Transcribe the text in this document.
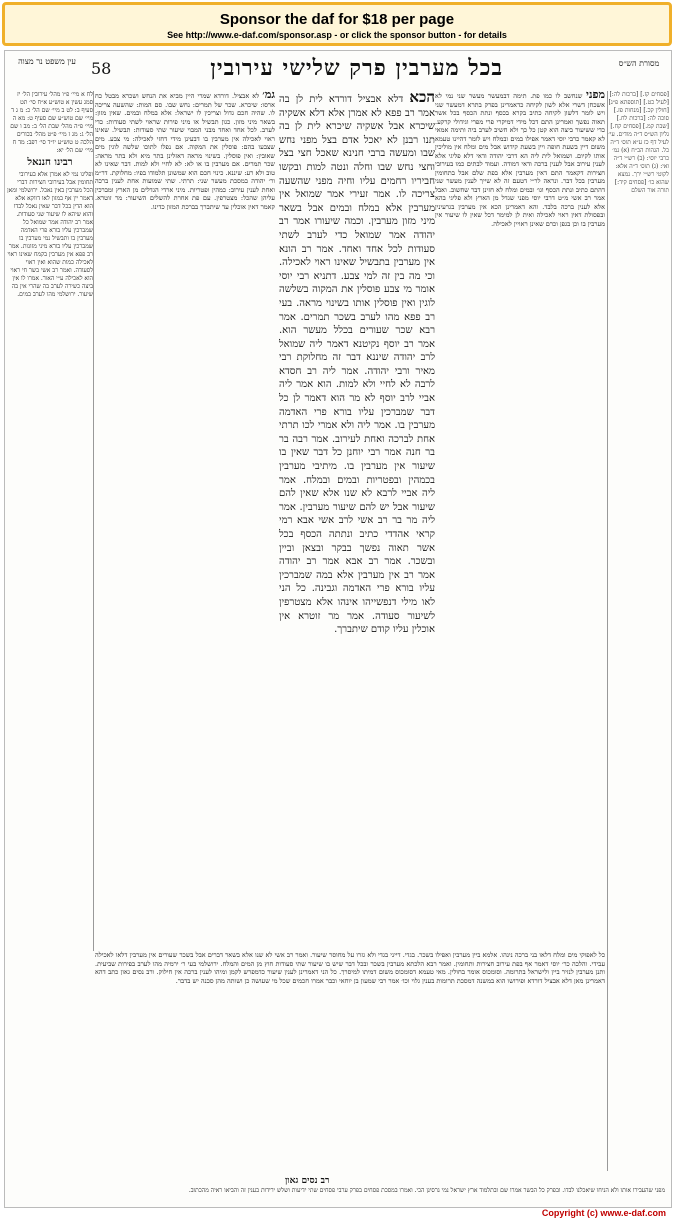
Sponsor the daf for $18 per page
See http://www.e-daf.com/sponsor.asp - or click the sponsor button - for details
מסורת הש״ס
בכל מערבין פרק שלישי עירובין
58
עין משפט נר מצוה
[פסחים קז.] [ברכות לה:] [לעיל כט.] [תוספתא פ״ג] [חולין קכ.] [מנחות פז.] סוכה לה: [ברכות לח.] [שבת קמ.] [פסחים קח.] גליון הש״ס ד״ה מודים. עי׳ לעיל דף כז ע״א תוס׳ ד״ה כל. הגהות הב״ח (א) גמ׳ כרבי יוסי: (ב) רש״י ד״ה ואי: (ג) תוס׳ ד״ה אלא: לקוטי רש״י ירך. נמצא שהוא כו׳ [פסחים קיד:] תורה אור השלם
מפני שנחשב לו כמו פת. תימה דבמעשר מעשר שני נמי לא אשכחן דשרי אלא לשון לקיחה כדאמרינן בפרק בתרא דמעשר שני ויש לומר דלשון לקיחה כתיב בקרא בכסף ונתת הכסף בכל אשר תאוה נפשך ואמרינן התם דכל מידי דמיקרי פרי מפרי וגידולי קרקע. כדי ששיעור ביצה הוא קטן כל כך ולא חשיב לערב ביה ותימה אמאי לא קאמר כרבי יוסי דאמר אפילו במים ובמלח ויש לומר דהיינו טעמא משום דיין בשעת חופה ויין בשעת קידוש אבל מים ומלח אין מוליכין אותו לקיום. ושמואל לית ליה הא דרבי יהודה ודאי דלא פליגי אלא לענין עירוב אבל לענין ברכה ודאי דמודה. ועמוד לבתים כמו בעירובי חצירות דקאמר התם דאין מערבין אלא בפת שלם אבל בתחומין מערבין בכל דבר. ונראה לר״י דטעם זה לא שייך לענין מעשר שני דהתם כתיב ונתת הכסף וגו׳ ובמים ומלח לא חזינן דבר שחשוב. ואבל אמר רב אשי מ״ט דרבי יוסי מפני שגדל מן הארץ ולא פליגי בהא אלא לענין ברכה בלבד. והא דאמרינן הכא אין מערבין בגרעינין ובפסולת דאין ראוי לאכילה ואית לן למימר דכל שאין לו שיעור אין מערבין בו וכן בגפן וכרם שאינן ראויין לאכילה.
הכא דלא אבציל דורדא לית לן בה אמר רב פפא לא אמרן אלא דלא אשקיה שיכרא אבל אשקיה שיכרא לית לן בה תנו רבנן לא יאכל אדם בצל מפני נחש שבו ומעשה ברבי חנינא שאכל חצי בצל וחצי נחש שבו וחלה ונטה למות ובקשו חביריו רחמים עליו וחיה מפני שהשעה צריכה לו. אמר זעירי אמר שמואל אין מערבין אלא במלח ובמים אבל בשאר מיני מזון מערבין. וכמה שיעורו אמר רב יהודה אמר שמואל כדי לערב לשתי סעודות לכל אחד ואחד. אמר רב הונא אין מערבין בתבשיל שאינו ראוי לאכילה. וכי מה בין זה למי צבע. דתניא רבי יוסי אומר מי צבע פוסלין את המקוה בשלשה לוגין ואין פוסלין אותו בשינוי מראה. בעי רב פפא מהו לערב בשכר תמרים. אמר רבא שכר שעורים בכלל מעשר הוא. אמר רב יוסף נקיטנא דאמר ליה שמואל לרב יהודה שיננא דבר זה מחלוקת רבי מאיר ורבי יהודה. אמר ליה רב חסדא לרבה לא לחיי ולא למות. הוא אמר ליה אביי לרב יוסף לא מר הוא דאמר לן כל דבר שמברכין עליו בורא פרי האדמה מערבין בו. אמר ליה ולא אמרי לכו תרתי אחת לברכה ואחת לעירוב. אמר רבה בר בר חנה אמר רבי יוחנן כל דבר שאין בו שיעור אין מערבין בו. מיתיבי מערבין בכמהין ובפטריות ובמים ובמלח. אמר ליה אביי לרבא לא שנו אלא שאין להם שיעור אבל יש להם שיעור מערבין. אמר ליה מר בר רב אשי לרב אשי אבא רמי קראי אהדדי כתיב ונתתה הכסף בכל אשר תאוה נפשך בבקר ובצאן וביין ובשכר. אמר רב אבא אמר רב יהודה אמר רב אין מערבין אלא במה שמברכין עליו בורא פרי האדמה וגבינה. כל הני לאו מילי דנפשייהו אינהו אלא מצטרפין לשיעור סעודה. אמר מר זוטרא אין אוכלין עליו קודם שיתברך.
גמ׳ לא אבציל. דורדא שמרי היין מביא את הנחש ושכרא מבטל כח ארסו: שיכרא. שכר של תמרים: נחש שבו. סם המות: שהשעה צריכה לו. שהיה חכם גדול וצריכין לו ישראל: אלא במלח ובמים. שאין מזון: בשאר מיני מזון. כגון תבשיל או מיני פירות שראוי לשתי סעודות: כדי לערב. לכל אחד ואחד מבני המבוי שיעור שתי סעודות: תבשיל. שאינו ראוי לאכילה אין מערבין בו דבעינן מידי דחזי לאכילה: מי צבע. מים שצבעו בהם: פוסלין את המקוה. אם נפלו לתוכו שלשה לוגין מים שאובין: ואין פוסלין. בשינוי מראה דאזלינן בתר מיא ולא בתר מראה: שכר תמרים. אם מערבין בו או לא: לא לחיי ולא למות. דבר שאינו לא טוב ולא רע: שיננא. כינוי חכם הוא שמשונן תלמודו בפיו: מחלוקת. דר״מ ור׳ יהודה במסכת מעשר שני: תרתי. שתי שמועות אחת לענין ברכה ואחת לענין עירוב: כמהין ופטריות. מיני ארדי הגדלים מן הארץ ומברכין עליהן שהכל: מצטרפין. עם פת אחרת להשלים השיעור: מר זוטרא. קאמר דאין אוכלין עד שיתברך בברכת המזון כדינו.
לח א מיי׳ פ״ו מהל׳ עירובין הל׳ יז סמג עשין א טוש״ע א״ח סי׳ תט סעיף ב: לט ב מיי׳ שם הל׳ כ: מ ג ד מיי׳ שם טוש״ע שם סעיף ט: מא ה מיי׳ פ״ה מהל׳ שבת הל׳ ב: מב ו שם הל׳ ג: מג ז מיי׳ פ״ט מהל׳ בכורים הלכה ט טוש״ע יו״ד סי׳ רפב: מד ח מיי׳ שם הל׳ יא:
רבינו חננאל
ופליגו נמי לא אמרן אלא בעירובי תחומין אבל בעירובי חצירות דברי הכל מערבין באין נאכל. ירושלמי ומאן דאמר יין אף במזון לאו דווקא אלא הוא הדין בכל דבר שאין נאכל לבדו והוא שיהא לו שיעור שני סעודות. אמר רב יהודה אמר שמואל כל שמברכין עליו בורא פרי האדמה מערבין בו ותבשיל נמי מערבין בו שמברכין עליו בורא מיני מזונות. אמר רב פפא אין מערבין בקמח שאינו ראוי לאכילה כמות שהוא ואין ראוי לסעודה. ואמר רב אשי בשר חי ראוי הוא לאכילה ע״י האור. אמרו לו אין ביצה כשירה לערב בה שהרי אין בה שיעור. ירושלמי מהו לערב במים.
כל לאפוקי מים ומלח דלאו בני ברכה נינהו. אלמא ביין מערבין ואפילו בשכר. בגדי. דייני בגדי ולא גזרו על מחוסר שיעור. ואמר רב אשי לא שנו אלא בשאר דברים אבל בשכר שעורים אין מערבין דלאו לאכילה עבידי. והלכה כר׳ יוסי דאמר אף בפת עירוב חצירות ותחומין. ואמר רבא הלכתא מערבין בשכר ובכל דבר שיש בו שיעור שתי סעודות חוץ מן המים והמלח. ירושלמי בעי ר׳ ירמיה מהו לערב בפירות שביעית. ותנן מערבין לנזיר ביין ולישראל בתרומה. וסומכוס אומר בחולין. מאי טעמא דסומכוס משום דמיתו למיסרך. כל הני דאמרינן לענין שיעור כדמפרש לקמן ומיהו לענין ברכה אין חילוק. ורב נסים גאון כתב דהא דאמרינן מאן דלא אבציל דורדא ופירושו הוא במשנה דמסכת תרומות בענין גלוי וכו׳ אמר רבי שמעון בן יוחאי וכבר אמרו חכמים שכל מי שעושה כן ושותה מהן סכנה יש בדבר.
רב נסים גאון
מפני שהעבירו אותו ולא הניחו שיאכלנו לבדו. ובפרק כל הבשר אמרו שם ובתלמוד ארץ ישראל נמי גרסינן הכי. ואמרו במסכת פסחים בפרק ערבי פסחים שתי ידיעות ושלש ירידות בענין זה והביאו ראיה מהכתוב.
Copyright (c) www.e-daf.com
